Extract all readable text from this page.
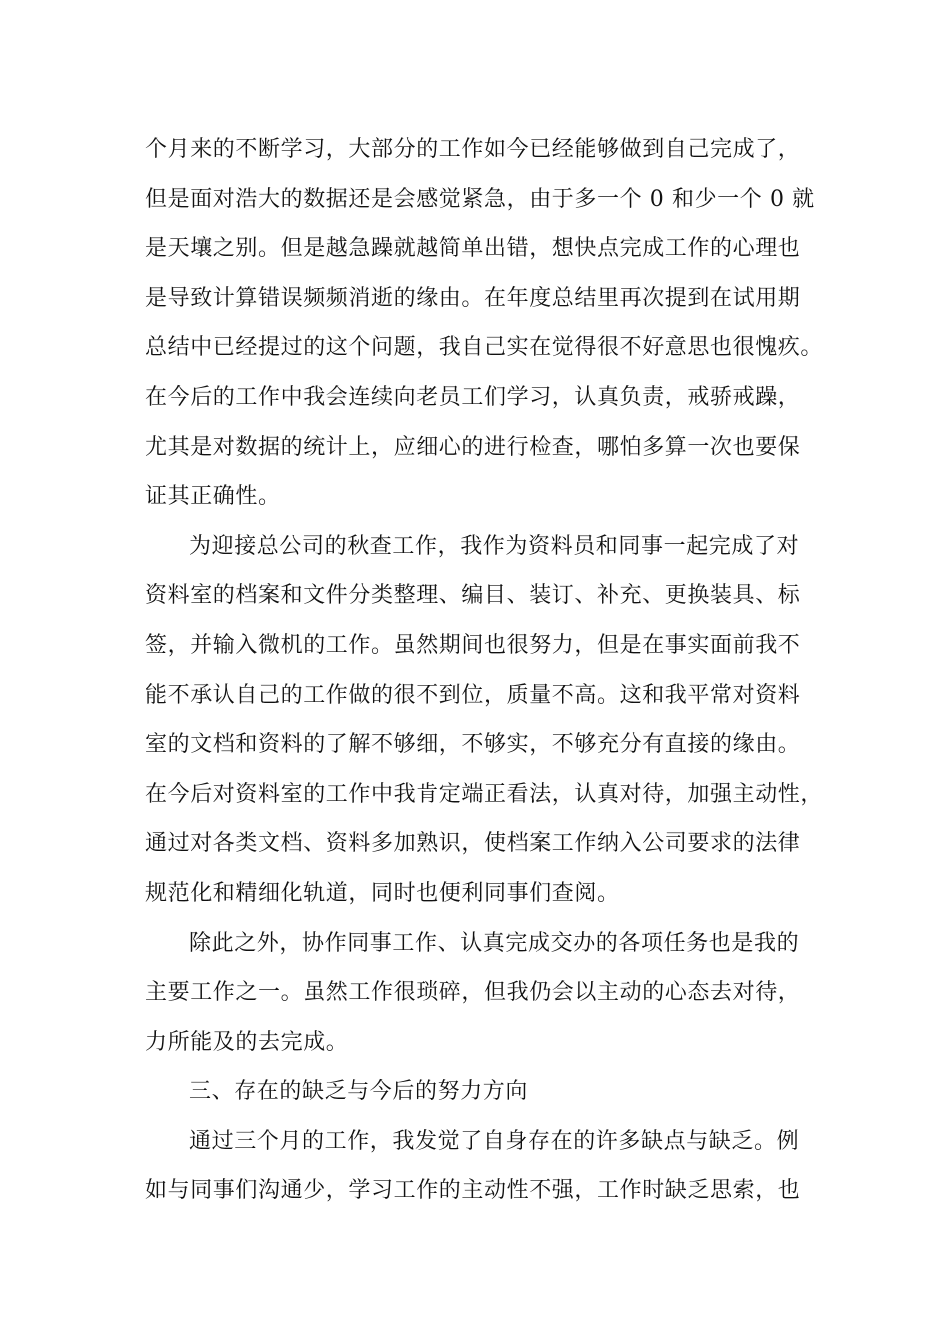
个月来的不断学习，大部分的工作如今已经能够做到自己完成了，
但是面对浩大的数据还是会感觉紧急，由于多一个 0 和少一个 0 就
是天壤之别。但是越急躁就越简单出错，想快点完成工作的心理也
是导致计算错误频频消逝的缘由。在年度总结里再次提到在试用期
总结中已经提过的这个问题，我自己实在觉得很不好意思也很愧疚。
在今后的工作中我会连续向老员工们学习，认真负责，戒骄戒躁，
尤其是对数据的统计上，应细心的进行检查，哪怕多算一次也要保
证其正确性。
为迎接总公司的秋查工作，我作为资料员和同事一起完成了对
资料室的档案和文件分类整理、编目、装订、补充、更换装具、标
签，并输入微机的工作。虽然期间也很努力，但是在事实面前我不
能不承认自己的工作做的很不到位，质量不高。这和我平常对资料
室的文档和资料的了解不够细，不够实，不够充分有直接的缘由。
在今后对资料室的工作中我肯定端正看法，认真对待，加强主动性，
通过对各类文档、资料多加熟识，使档案工作纳入公司要求的法律
规范化和精细化轨道，同时也便利同事们查阅。
除此之外，协作同事工作、认真完成交办的各项任务也是我的
主要工作之一。虽然工作很琐碎，但我仍会以主动的心态去对待，
力所能及的去完成。
三、存在的缺乏与今后的努力方向
通过三个月的工作，我发觉了自身存在的许多缺点与缺乏。例
如与同事们沟通少，学习工作的主动性不强，工作时缺乏思索，也
